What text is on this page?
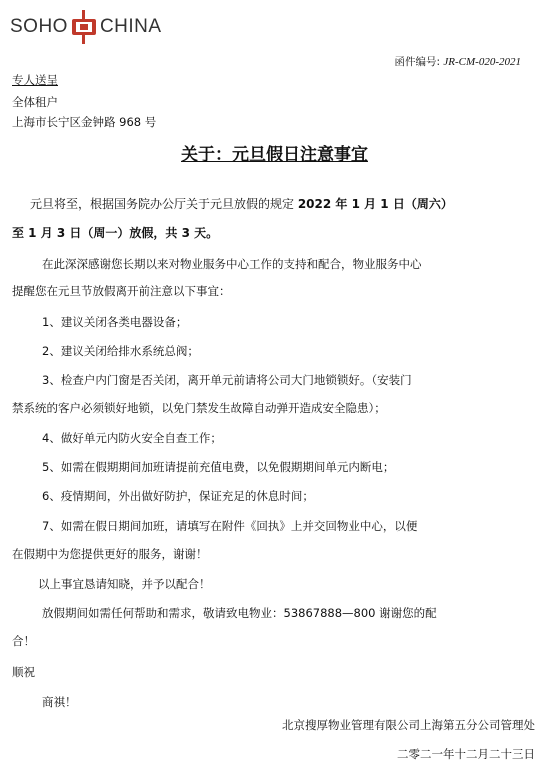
SOHO CHINA
函件编号: JR-CM-020-2021
专人送呈
全体租户
上海市长宁区金钟路 968 号
关于：元旦假日注意事宜
元旦将至，根据国务院办公厅关于元旦放假的规定 2022 年 1 月 1 日（周六）
至 1 月 3 日（周一）放假，共 3 天。
在此深深感谢您长期以来对物业服务中心工作的支持和配合，物业服务中心
提醒您在元旦节放假离开前注意以下事宜：
1、建议关闭各类电器设备；
2、建议关闭给排水系统总阀；
3、检查户内门窗是否关闭，离开单元前请将公司大门地锁锁好。（安装门
禁系统的客户必须锁好地锁，以免门禁发生故障自动弹开造成安全隐患）；
4、做好单元内防火安全自查工作；
5、如需在假期期间加班请提前充值电费，以免假期期间单元内断电；
6、疫情期间，外出做好防护，保证充足的休息时间；
7、如需在假日期间加班，请填写在附件《回执》上并交回物业中心，以便
在假期中为您提供更好的服务，谢谢！
以上事宜恳请知晓，并予以配合！
放假期间如需任何帮助和需求，敬请致电物业：53867888—800 谢谢您的配
合！
顺祝
商祺！
北京搜厚物业管理有限公司上海第五分公司管理处
二零二一年十二月二十三日
